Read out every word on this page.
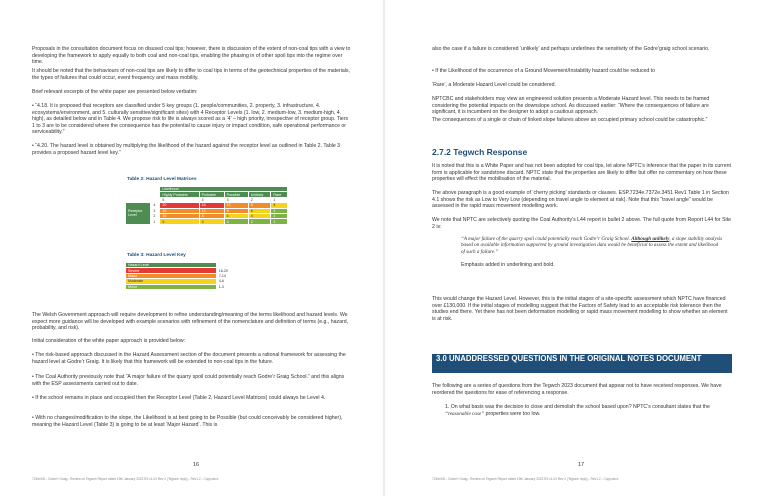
Proposals in the consultation document focus on disused coal tips; however, there is discussion of the extent of non-coal tips with a view to developing the framework to apply equally to both coal and non-coal tips, enabling the phasing in of other spoil tips into the regime over time.
It should be noted that the behaviours of non-coal tips are likely to differ to coal tips in terms of the geotechnical properties of the materials, the types of failures that could occur, event frequency and mass mobility.
Brief relevant excerpts of the white paper are presented below verbatim:
• “4.18. It is proposed that receptors are classified under 5 key groups (1. people/communities, 2. property, 3. infrastructure, 4. ecosystems/environment, and 5. culturally sensitive/significant sites) with 4 Receptor Levels (1. low, 2. medium-low, 3. medium-high, 4. high), as detailed below and in Table 4. We propose risk to life is always scored as a ‘4’ – high priority, irrespective of receptor group. Tiers 1 to 3 are to be considered where the consequence has the potential to cause injury or impact condition, safe operational performance or serviceability.”
• “4.20. The hazard level is obtained by multiplying the likelihood of the hazard against the receptor level as outlined in Table 2. Table 3 provides a proposed hazard level key.”
Table 2: Hazard Level Matrices
		Likelihood				
		Highly Probable	Probable	Possible	Unlikely	Rare
		5	4	3	2	1
Receptor
Level	4	20	16	12	8	4
	3	15	12	9	6	3
	2	10	8	6	4	2
	1	5	4	3	2	1
Table 3: Hazard Level Key
Hazard Level	
Severe	16-20
Major	7-14
Moderate	4-6
Minor	1-3
The Welsh Government approach will require development to refine understanding/meaning of the terms likelihood and hazard levels. We expect more guidance will be developed with example scenarios with refinement of the nomenclature and definition of terms (e.g., hazard, probability, and risk).
Initial consideration of the white paper approach is provided below:
• The risk-based approach discussed in the Hazard Assessment section of the document presents a rational framework for assessing the hazard level at Godre’r Graig. It is likely that this framework will be extended to non-coal tips in the future.
• The Coal Authority previously note that “A major failure of the quarry spoil could potentially reach Godre’r Graig School.” and this aligns with the ESP assessments carried out to date.
• If the school remains in place and occupied then the Receptor Level (Table 2, Hazard Level Matrices) could always be Level 4.
• With no changes/modification to the slope, the Likelihood is at best going to be Possible (but could conceivably be considered higher), meaning the Hazard Level (Table 3) is going to be at least ‘Major Hazard’. This is
16
7245n01f - Godre'r Graig - Review on Tegwch Report dated 19th January 2023 R3 v1.01 Rev 2 (Tegwch reply) - Rev1.2 - Copy.docx
also the case if a failure is considered ‘unlikely’ and perhaps underlines the sensitivity of the Godre’graig school scenario.
• If the Likelihood of the occurrence of a Ground Movement/Instability hazard could be reduced to
‘Rare’, a Moderate Hazard Level could be considered.
NPTCBC and stakeholders may view an engineered solution presents a Moderate Hazard level. This needs to be framed considering the potential impacts on the downslope school. As discussed earlier: “Where the consequences of failure are significant, it is incumbent on the designer to adopt a cautious approach.
The consequences of a single or chain of linked slope failures above an occupied primary school could be catastrophic.”
2.7.2 Tegwch Response
It is noted that this is a White Paper and has not been adopted for coal tips, let alone NPTC’s inference that the paper in its current form is applicable for sandstone discard. NPTC state that the properties are likely to differ but offer no commentary on how these properties will effect the mobilisation of the material.
The above paragraph is a good example of ‘cherry picking’ standards or clauses. ESP.7234e.7372e.3451 Rev1 Table 1 in Section 4.1 shows the risk as Low to Very Low (depending on travel angle to element at risk). Note that this “travel angle” would be assessed in the rapid mass movement modelling work.
We note that NPTC are selectively quoting the Coal Authority’s L44 report in bullet 2 above. The full quote from Report L44 for Site 2 is:
“A major failure of the quarry spoil could potentially reach Godre’r Graig School. Although unlikely, a slope stability analysis based on available information supported by ground investigation data would be beneficial to assess the extent and likelihood of such a failure.”
Emphasis added in underlining and bold.
This would change the Hazard Level. However, this is the initial stages of a site-specific assessment which NPTC have financed over £130,000. If the initial stages of modelling suggest that the Factors of Safety lead to an acceptable risk tolerance then the studies end there. Yet there has not been deformation modelling or rapid mass movement modelling to show whether an element is at risk.
3.0 UNADDRESSED QUESTIONS IN THE ORIGINAL NOTES DOCUMENT
The following are a series of questions from the Tegwch 2023 document that appear not to have received responses. We have reordered the questions for ease of referencing a response.
1. On what basis was the decision to close and demolish the school based upon? NPTC’s consultant states that the “reasonable case” properties were too low.
17
7245n01f - Godre'r Graig - Review on Tegwch Report dated 19th January 2023 R3 v1.01 Rev 2 (Tegwch reply) - Rev1.2 - Copy.docx
